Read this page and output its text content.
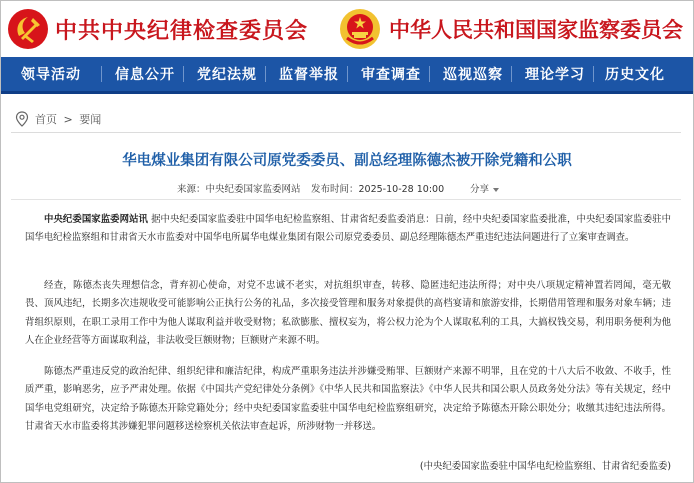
中共中央纪律检查委员会	中华人民共和国国家监察委员会
领导活动 信息公开 党纪法规 监督举报 审查调查 巡视巡察 理论学习 历史文化
首页 > 要闻
华电煤业集团有限公司原党委委员、副总经理陈德杰被开除党籍和公职
来源：中央纪委国家监委网站 发布时间：2025-10-28 10:00	分享
中央纪委国家监委网站讯 据中央纪委国家监委驻中国华电纪检监察组、甘肃省纪委监委消息：日前，经中央纪委国家监委批准，中央纪委国家监委驻中国华电纪检监察组和甘肃省天水市监委对中国华电所属华电煤业集团有限公司原党委委员、副总经理陈德杰严重违纪违法问题进行了立案审查调查。
经查，陈德杰丧失理想信念，背弃初心使命，对党不忠诚不老实，对抗组织审查，转移、隐匿违纪违法所得；对中央八项规定精神置若罔闻，毫无敬畏、顶风违纪，长期多次违规收受可能影响公正执行公务的礼品，多次接受管理和服务对象提供的高档宴请和旅游安排，长期借用管理和服务对象车辆；违背组织原则，在职工录用工作中为他人谋取利益并收受财物；私欲膨胀、擅权妄为，将公权力沦为个人谋取私利的工具，大搞权钱交易，利用职务便利为他人在企业经营等方面谋取利益，非法收受巨额财物；巨额财产来源不明。
陈德杰严重违反党的政治纪律、组织纪律和廉洁纪律，构成严重职务违法并涉嫌受贿罪、巨额财产来源不明罪，且在党的十八大后不收敛、不收手，性质严重，影响恶劣，应予严肃处理。依据《中国共产党纪律处分条例》《中华人民共和国监察法》《中华人民共和国公职人员政务处分法》等有关规定，经中国华电党组研究，决定给予陈德杰开除党籍处分；经中央纪委国家监委驻中国华电纪检监察组研究，决定给予陈德杰开除公职处分；收缴其违纪违法所得。甘肃省天水市监委将其涉嫌犯罪问题移送检察机关依法审查起诉，所涉财物一并移送。
(中央纪委国家监委驻中国华电纪检监察组、甘肃省纪委监委)
